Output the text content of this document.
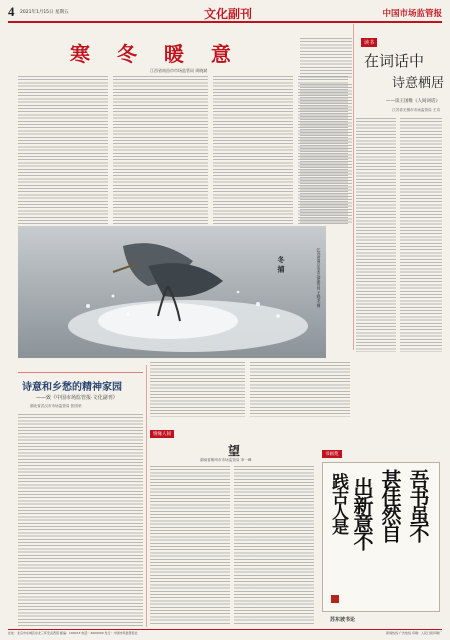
4 2021年1月15日 星期五	文化副刊	中国市场监管报
寒 冬 暖 意
江西省南昌市市场监管局 周晓斌
江苏省南京市市场监管局 王晓龙 摄
冬 捕
读书
在词话中
诗意栖居
——读王国维《人间词话》
江苏省无锡市市场监管局 王岚
诗意和乡愁的精神家园
——致《中国市场监管报·文化副刊》
湖北省武汉市市场监管局 张国荣
情缘人间
望
湖南省郴州市市场监管局 李一峰
书画苑
吾书虽不
甚佳然自
出新意不
践古人是
苏东坡书论
社址：北京市东城区东北三环安贞西里 邮编：100013 电话：4000000 发行：中国市场监管报社	新闻热线 广告热线 印刷：人民日报印刷厂
